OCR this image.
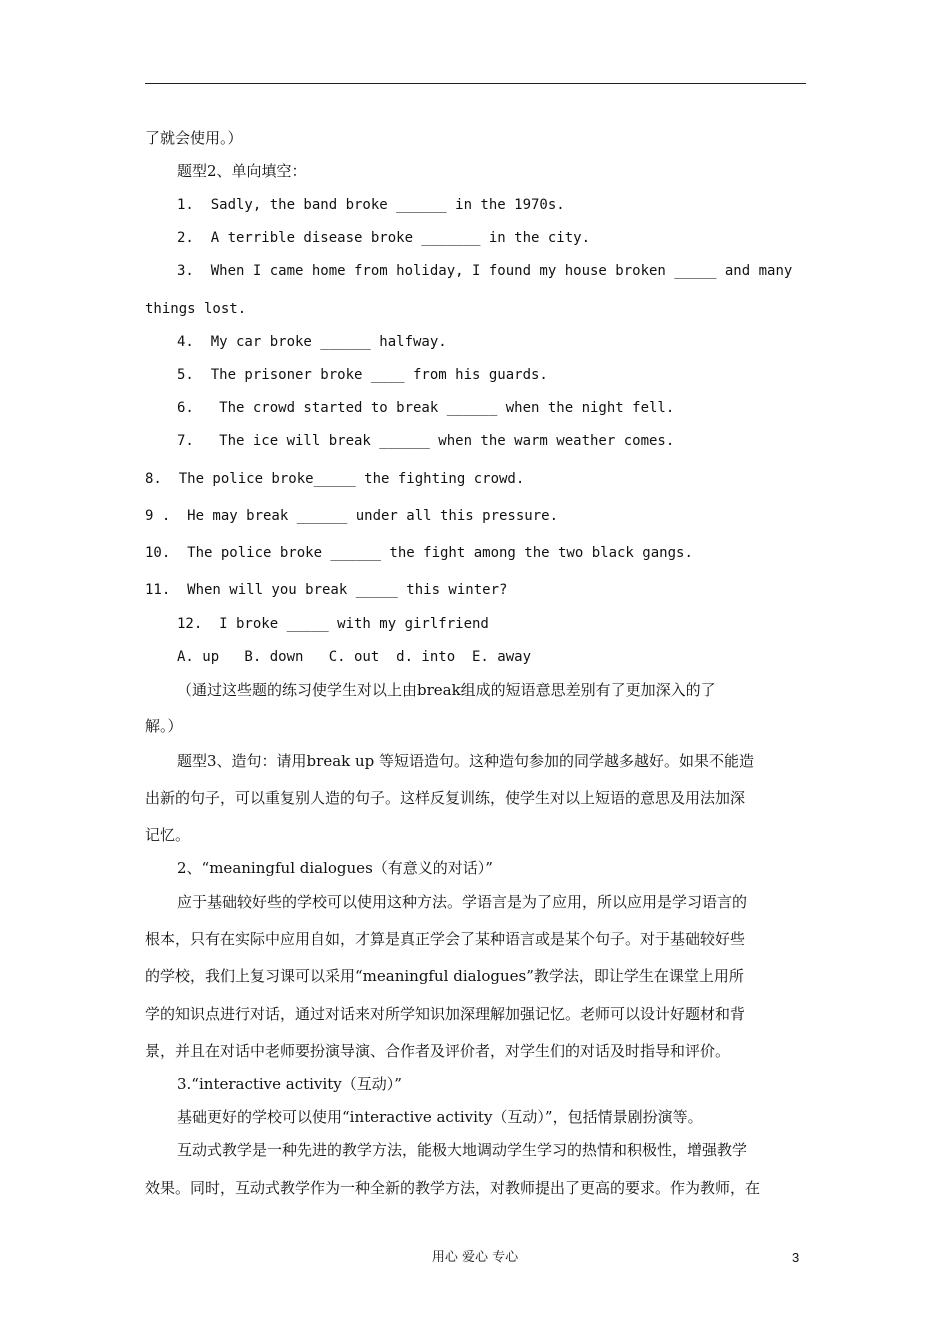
了就会使用。）
题型2、单向填空：
1.  Sadly, the band broke ______ in the 1970s.
2.  A terrible disease broke _______ in the city.
3.  When I came home from holiday, I found my house broken _____ and many
things lost.
4.  My car broke ______ halfway.
5.  The prisoner broke ____ from his guards.
6.   The crowd started to break ______ when the night fell.
7.   The ice will break ______ when the warm weather comes.
8.  The police broke_____ the fighting crowd.
9 .  He may break ______ under all this pressure.
10.  The police broke ______ the fight among the two black gangs.
11.  When will you break _____ this winter?
12.  I broke _____ with my girlfriend
A. up   B. down   C. out  d. into  E. away
（通过这些题的练习使学生对以上由break组成的短语意思差别有了更加深入的了
解。）
题型3、造句：请用break up 等短语造句。这种造句参加的同学越多越好。如果不能造
出新的句子，可以重复别人造的句子。这样反复训练，使学生对以上短语的意思及用法加深
记忆。
2、“meaningful dialogues（有意义的对话）”
应于基础较好些的学校可以使用这种方法。学语言是为了应用，所以应用是学习语言的
根本，只有在实际中应用自如，才算是真正学会了某种语言或是某个句子。对于基础较好些
的学校，我们上复习课可以采用“meaningful dialogues”教学法，即让学生在课堂上用所
学的知识点进行对话，通过对话来对所学知识加深理解加强记忆。老师可以设计好题材和背
景，并且在对话中老师要扮演导演、合作者及评价者，对学生们的对话及时指导和评价。
3.“interactive activity（互动）”
基础更好的学校可以使用“interactive activity（互动）”，包括情景剧扮演等。
互动式教学是一种先进的教学方法，能极大地调动学生学习的热情和积极性，增强教学
效果。同时，互动式教学作为一种全新的教学方法，对教师提出了更高的要求。作为教师，在
用心 爱心 专心	3
